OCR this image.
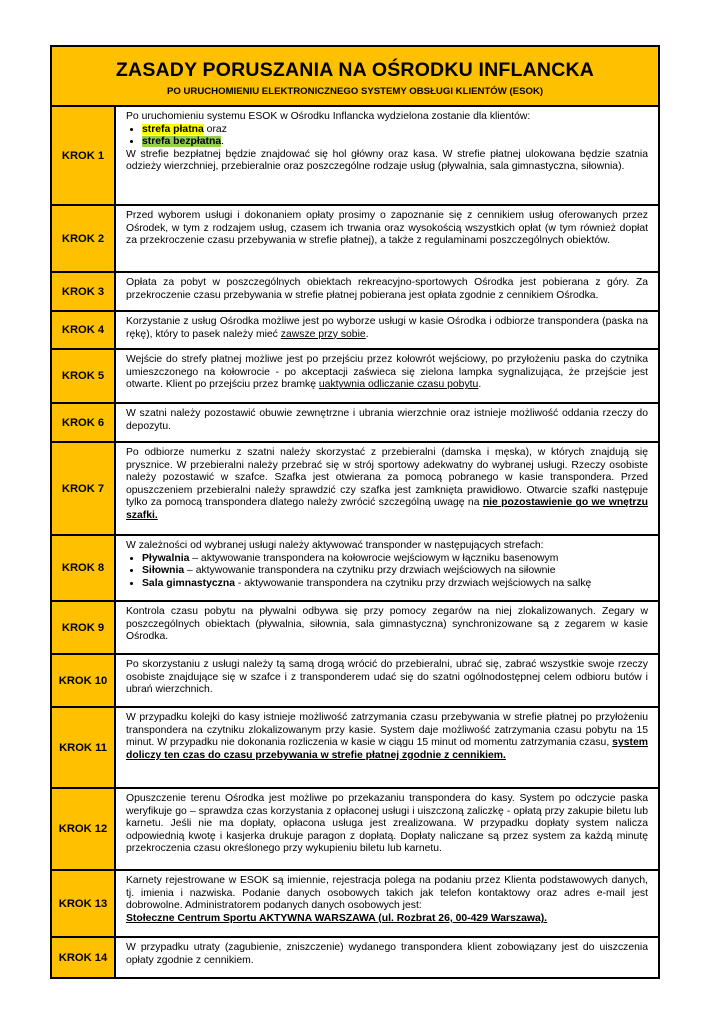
ZASADY PORUSZANIA NA OŚRODKU INFLANCKA
PO URUCHOMIENIU ELEKTRONICZNEGO SYSTEMY OBSŁUGI KLIENTÓW (ESOK)
KROK 1

Po uruchomieniu systemu ESOK w Ośrodku Inflancka wydzielona zostanie dla klientów:

• strefa płatna oraz
• strefa bezpłatna.

W strefie bezpłatnej będzie znajdować się hol główny oraz kasa. W strefie płatnej ulokowana będzie szatnia odzieży wierzchniej, przebieralnie oraz poszczególne rodzaje usług (pływalnia, sala gimnastyczna, siłownia).

KROK 2

Przed wyborem usługi i dokonaniem opłaty prosimy o zapoznanie się z cennikiem usług oferowanych przez Ośrodek, w tym z rodzajem usług, czasem ich trwania oraz wysokością wszystkich opłat (w tym również dopłat za przekroczenie czasu przebywania w strefie płatnej), a także z regulaminami poszczególnych obiektów.

KROK 3

Opłata za pobyt w poszczególnych obiektach rekreacyjno-sportowych Ośrodka jest pobierana z góry. Za przekroczenie czasu przebywania w strefie płatnej pobierana jest opłata zgodnie z cennikiem Ośrodka.

KROK 4

Korzystanie z usług Ośrodka możliwe jest po wyborze usługi w kasie Ośrodka i odbiorze transpondera (paska na rękę), który to pasek należy mieć zawsze przy sobie.

KROK 5

Wejście do strefy płatnej możliwe jest po przejściu przez kołowrót wejściowy, po przyłożeniu paska do czytnika umieszczonego na kołowrocie - po akceptacji zaświeca się zielona lampka sygnalizująca, że przejście jest otwarte. Klient po przejściu przez bramkę uaktywnia odliczanie czasu pobytu.

KROK 6

W szatni należy pozostawić obuwie zewnętrzne i ubrania wierzchnie oraz istnieje możliwość oddania rzeczy do depozytu.

KROK 7

Po odbiorze numerku z szatni należy skorzystać z przebieralni (damska i męska), w których znajdują się prysznice. W przebieralni należy przebrać się w strój sportowy adekwatny do wybranej usługi. Rzeczy osobiste należy pozostawić w szafce. Szafka jest otwierana za pomocą pobranego w kasie transpondera. Przed opuszczeniem przebieralni należy sprawdzić czy szafka jest zamknięta prawidłowo. Otwarcie szafki następuje tylko za pomocą transpondera dlatego należy zwrócić szczególną uwagę na nie pozostawienie go we wnętrzu szafki.

KROK 8

W zależności od wybranej usługi należy aktywować transponder w następujących strefach:

• Pływalnia – aktywowanie transpondera na kołowrocie wejściowym w łączniku basenowym
• Siłownia – aktywowanie transpondera na czytniku przy drzwiach wejściowych na siłownie
• Sala gimnastyczna - aktywowanie transpondera na czytniku przy drzwiach wejściowych na salkę
KROK 9

Kontrola czasu pobytu na pływalni odbywa się przy pomocy zegarów na niej zlokalizowanych. Zegary w poszczególnych obiektach (pływalnia, siłownia, sala gimnastyczna) synchronizowane są z zegarem w kasie Ośrodka.

KROK 10

Po skorzystaniu z usługi należy tą samą drogą wrócić do przebieralni, ubrać się, zabrać wszystkie swoje rzeczy osobiste znajdujące się w szafce i z transponderem udać się do szatni ogólnodostępnej celem odbioru butów i ubrań wierzchnich.

KROK 11

W przypadku kolejki do kasy istnieje możliwość zatrzymania czasu przebywania w strefie płatnej po przyłożeniu transpondera na czytniku zlokalizowanym przy kasie. System daje możliwość zatrzymania czasu pobytu na 15 minut. W przypadku nie dokonania rozliczenia w kasie w ciągu 15 minut od momentu zatrzymania czasu, system doliczy ten czas do czasu przebywania w strefie płatnej zgodnie z cennikiem.

KROK 12

Opuszczenie terenu Ośrodka jest możliwe po przekazaniu transpondera do kasy. System po odczycie paska weryfikuje go – sprawdza czas korzystania z opłaconej usługi i uiszczoną zaliczkę - opłatą przy zakupie biletu lub karnetu. Jeśli nie ma dopłaty, opłacona usługa jest zrealizowana. W przypadku dopłaty system nalicza odpowiednią kwotę i kasjerka drukuje paragon z dopłatą. Dopłaty naliczane są przez system za każdą minutę przekroczenia czasu określonego przy wykupieniu biletu lub karnetu.

KROK 13

Karnety rejestrowane w ESOK są imiennie, rejestracja polega na podaniu przez Klienta podstawowych danych, tj. imienia i nazwiska. Podanie danych osobowych takich jak telefon kontaktowy oraz adres e-mail jest dobrowolne. Administratorem podanych danych osobowych jest:

Stołeczne Centrum Sportu AKTYWNA WARSZAWA (ul. Rozbrat 26, 00-429 Warszawa).

KROK 14

W przypadku utraty (zagubienie, zniszczenie) wydanego transpondera klient zobowiązany jest do uiszczenia opłaty zgodnie z cennikiem.
